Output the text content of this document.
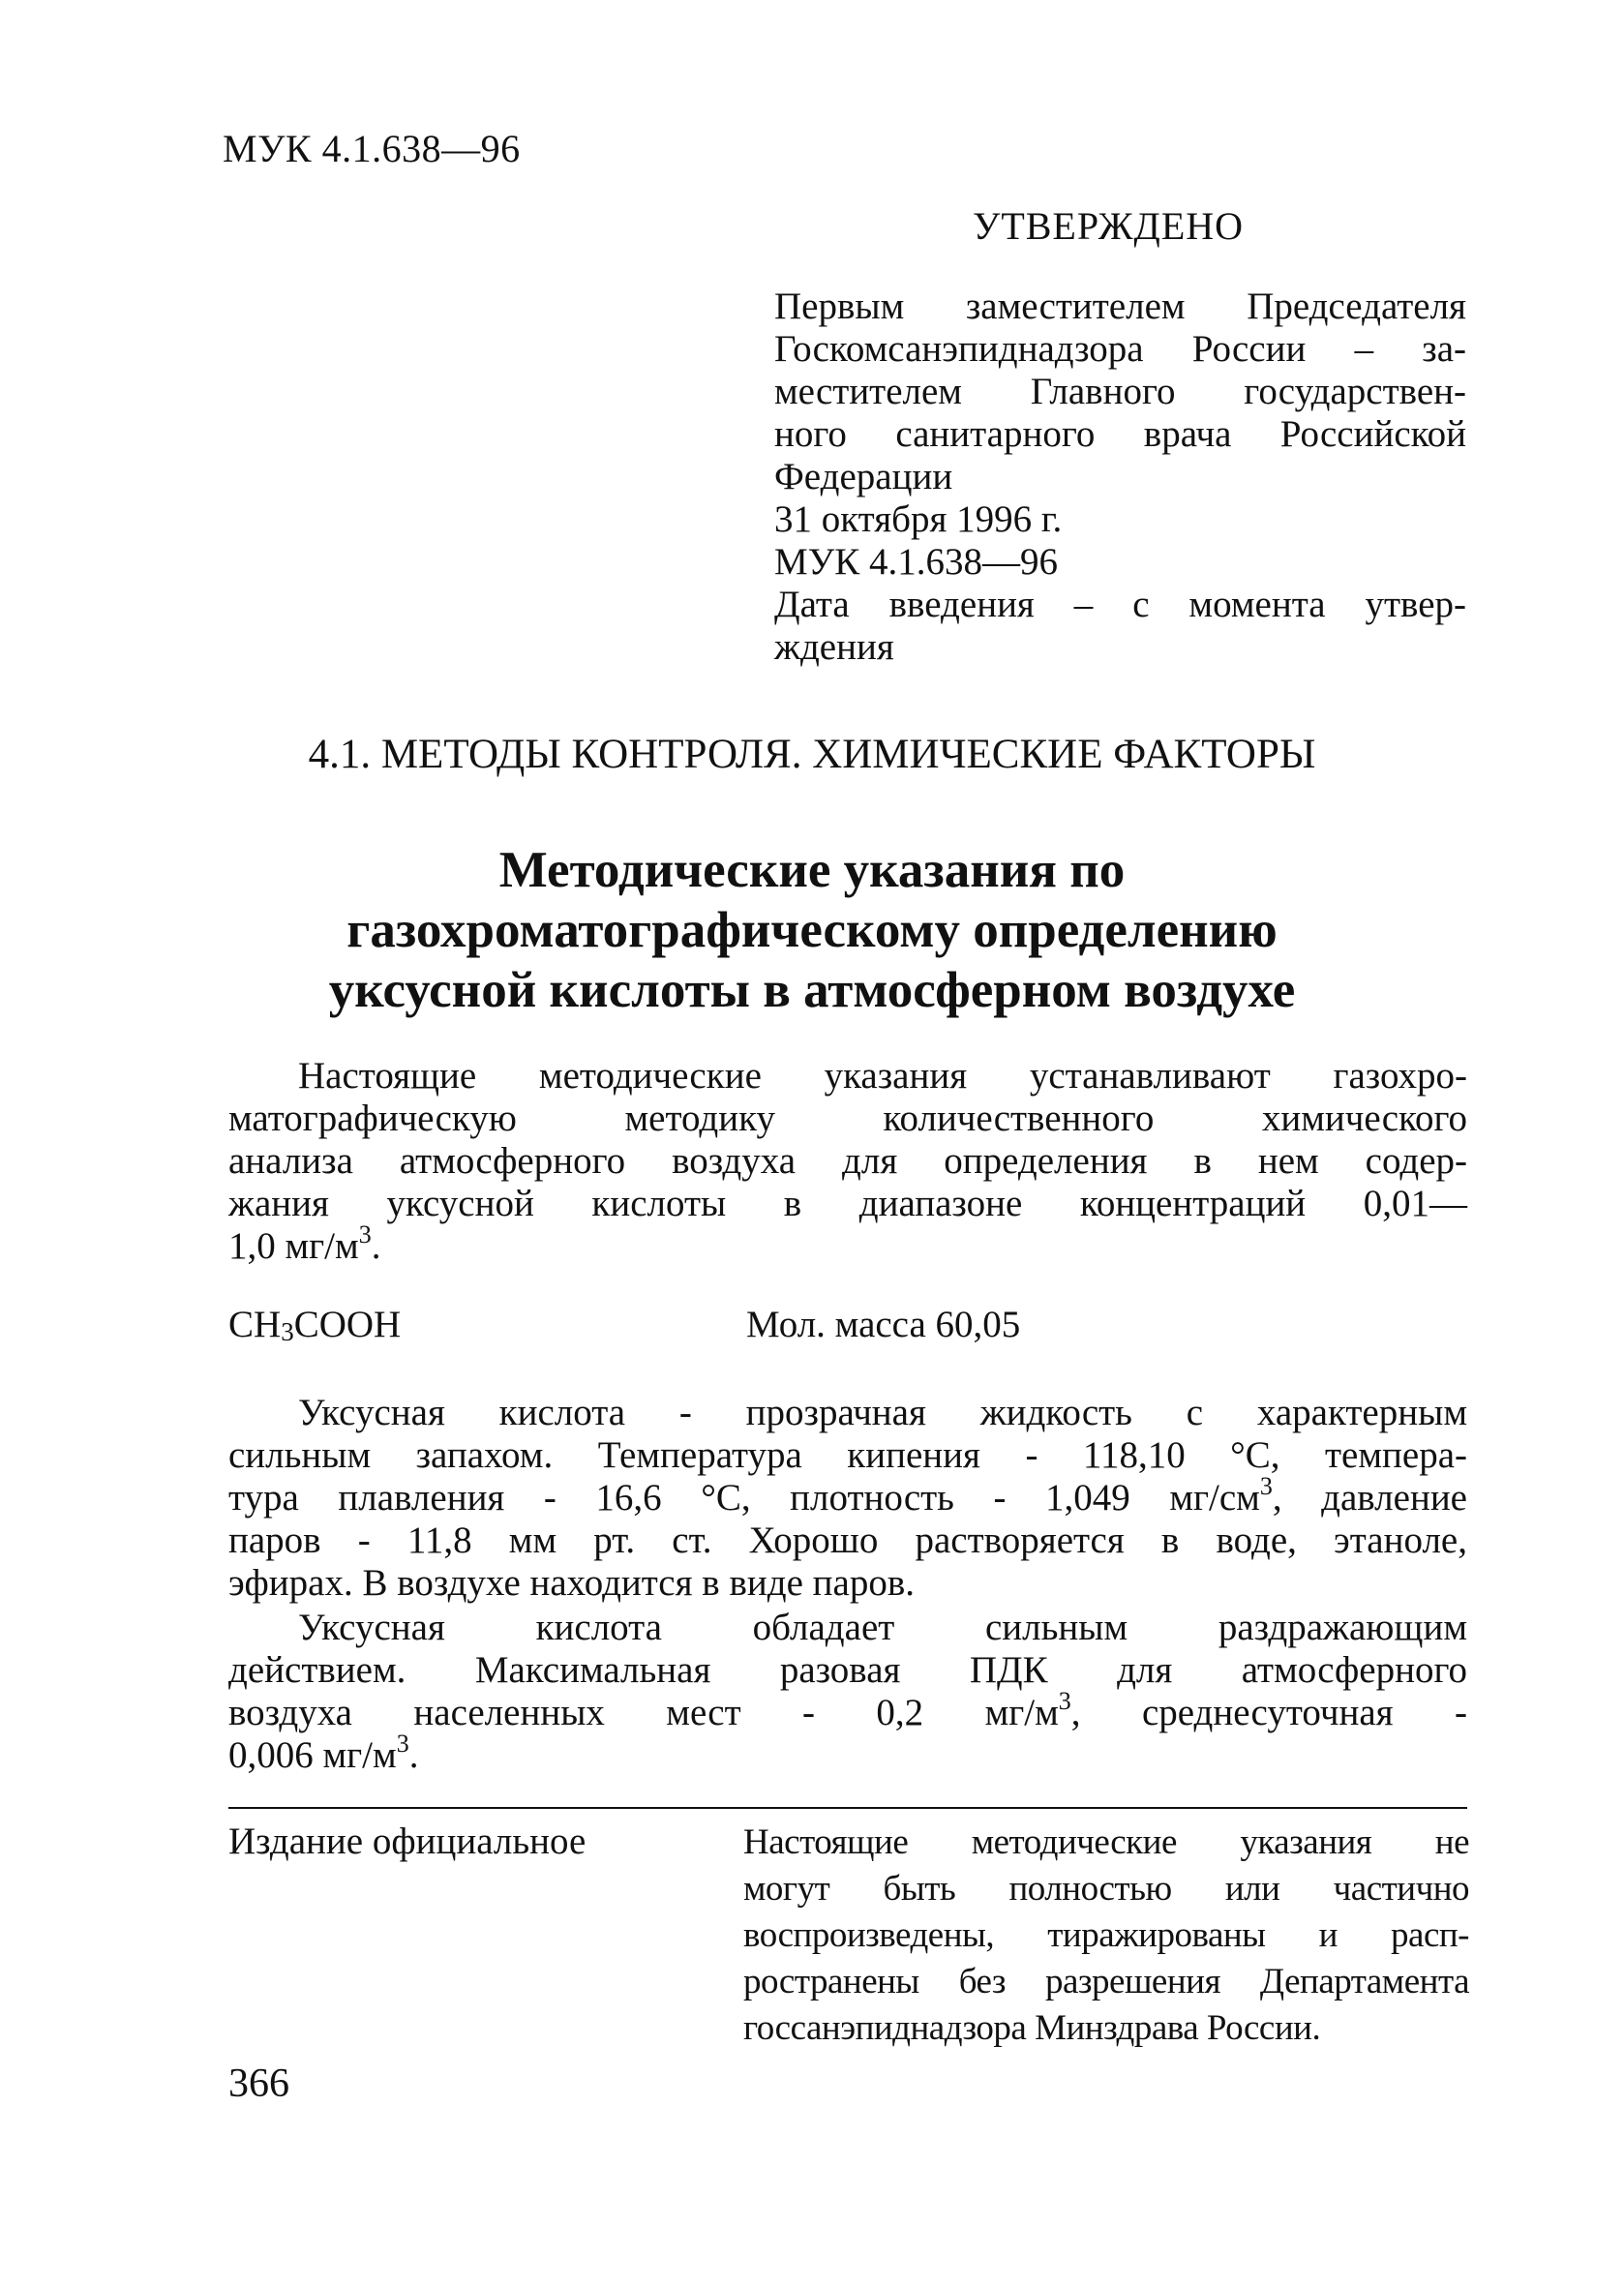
МУК 4.1.638—96
УТВЕРЖДЕНО
Первым заместителем Председателя
Госкомсанэпиднадзора России – за-
местителем Главного государствен-
ного санитарного врача Российской
Федерации
31 октября 1996 г.
МУК 4.1.638—96
Дата введения – с момента утвер-
ждения
4.1. МЕТОДЫ КОНТРОЛЯ. ХИМИЧЕСКИЕ ФАКТОРЫ
Методические указания по
газохроматографическому определению
уксусной кислоты в атмосферном воздухе
Настоящие методические указания устанавливают газохро-
матографическую методику количественного химического
анализа атмосферного воздуха для определения в нем содер-
жания уксусной кислоты в диапазоне концентраций 0,01—
1,0 $мг/м^3$.
$CH_3COOH$	Мол. масса 60,05
Уксусная кислота - прозрачная жидкость с характерным
сильным запахом. Температура кипения - 118,10 °С, темпера-
тура плавления - 16,6 °С, плотность - 1,049 $мг/см^3$, давление
паров - 11,8 мм рт. ст. Хорошо растворяется в воде, этаноле,
эфирах. В воздухе находится в виде паров.
Уксусная кислота обладает сильным раздражающим
действием. Максимальная разовая ПДК для атмосферного
воздуха населенных мест - 0,2 $мг/м^3$, среднесуточная -
0,006 $мг/м^3$.
Издание официальное	Настоящие методические указания не
могут быть полностью или частично
воспроизведены, тиражированы и расп-
ространены без разрешения Департамента
госсанэпиднадзора Минздрава России.
366
